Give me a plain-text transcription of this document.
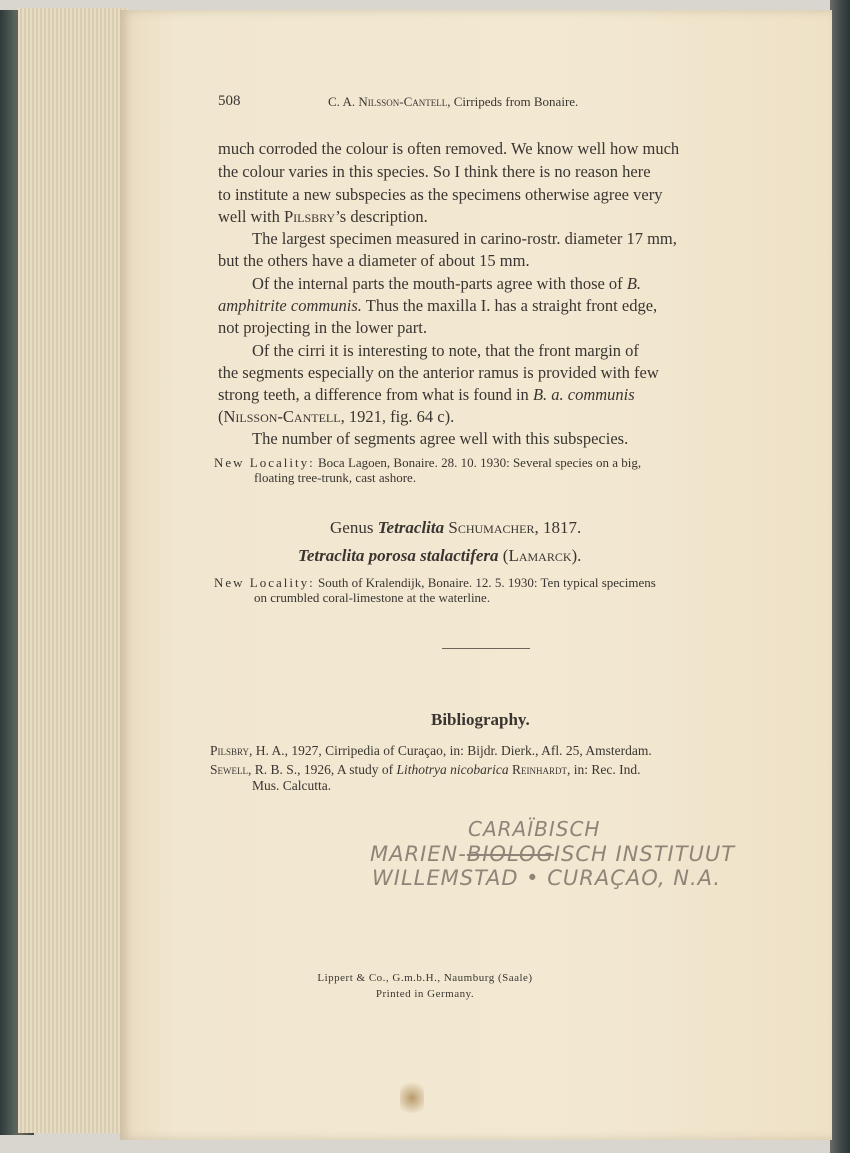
508	C. A. Nilsson-Cantell, Cirripeds from Bonaire.
much corroded the colour is often removed. We know well how much
the colour varies in this species. So I think there is no reason here
to institute a new subspecies as the specimens otherwise agree very
well with Pilsbry’s description.
The largest specimen measured in carino-rostr. diameter 17 mm,
but the others have a diameter of about 15 mm.
Of the internal parts the mouth-parts agree with those of B.
amphitrite communis. Thus the maxilla I. has a straight front edge,
not projecting in the lower part.
Of the cirri it is interesting to note, that the front margin of
the segments especially on the anterior ramus is provided with few
strong teeth, a difference from what is found in B. a. communis
(Nilsson-Cantell, 1921, fig. 64 c).
The number of segments agree well with this subspecies.
New Locality: Boca Lagoen, Bonaire. 28. 10. 1930: Several species on a big,
floating tree-trunk, cast ashore.
Genus Tetraclita Schumacher, 1817.
Tetraclita porosa stalactifera (Lamarck).
New Locality: South of Kralendijk, Bonaire. 12. 5. 1930: Ten typical specimens
on crumbled coral-limestone at the waterline.
Bibliography.
Pilsbry, H. A., 1927, Cirripedia of Curaçao, in: Bijdr. Dierk., Afl. 25, Amsterdam.
Sewell, R. B. S., 1926, A study of Lithotrya nicobarica Reinhardt, in: Rec. Ind.
Mus. Calcutta.
CARAÏBISCH
MARIEN-BIOLOGISCH INSTITUUT
WILLEMSTAD • CURAÇAO, N.A.
Lippert & Co., G.m.b.H., Naumburg (Saale)
Printed in Germany.
